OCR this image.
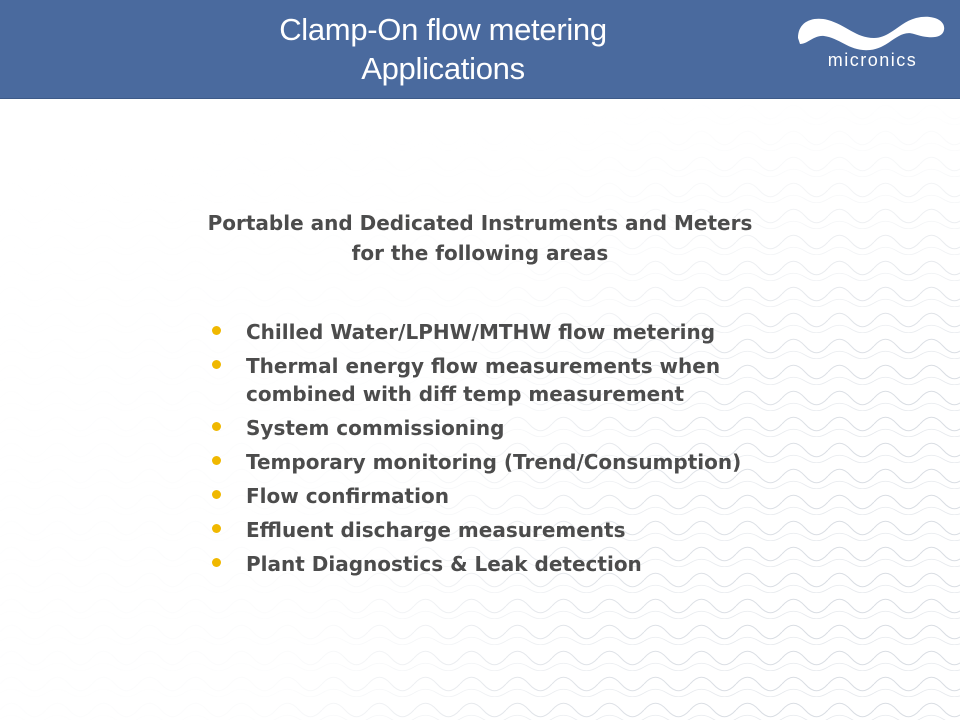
Clamp-On flow metering
Applications	micronics
Portable and Dedicated Instruments and Meters
for the following areas
Chilled Water/LPHW/MTHW flow metering
Thermal energy flow measurements when combined with diff temp measurement
System commissioning
Temporary monitoring (Trend/Consumption)
Flow confirmation
Effluent discharge measurements
Plant Diagnostics & Leak detection
